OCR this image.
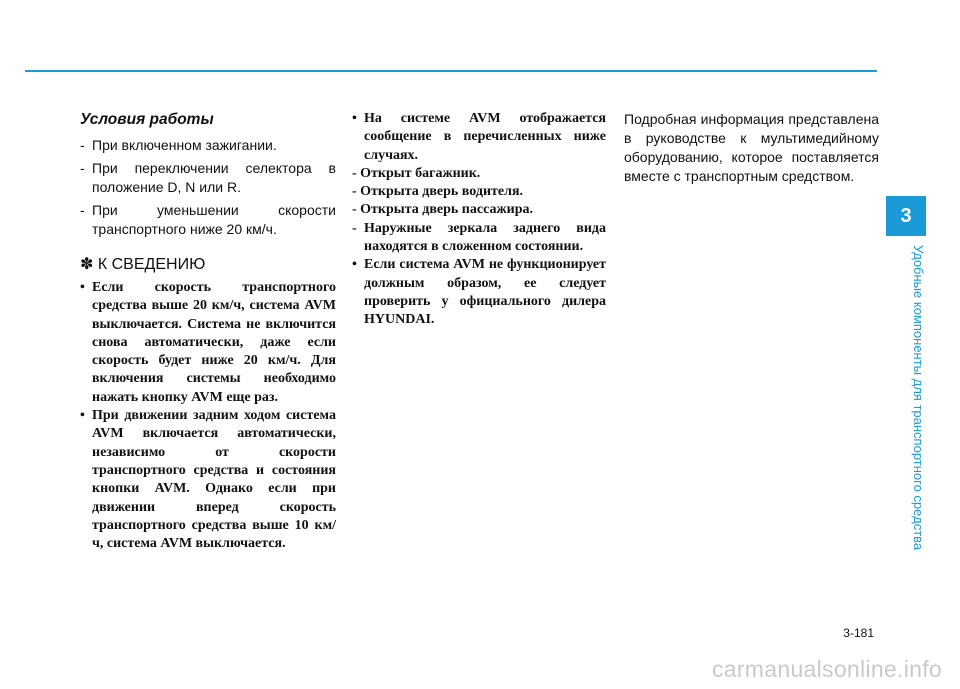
Условия работы
- При включенном зажигании.
- При переключении селектора в положение D, N или R.
- При уменьшении скорости транспортного ниже 20 км/ч.
✽ К СВЕДЕНИЮ
• Если скорость транспортного средства выше 20 км/ч, система AVM выключается. Система не включится снова автоматически, даже если скорость будет ниже 20 км/ч. Для включения системы необходимо нажать кнопку AVM еще раз.
• При движении задним ходом система AVM включается автоматически, независимо от скорости транспортного средства и состояния кнопки AVM. Однако если при движении вперед скорость транспортного средства выше 10 км/ч, система AVM выключается.
• На системе AVM отображается сообщение в перечисленных ниже случаях.
- Открыт багажник.
- Открыта дверь водителя.
- Открыта дверь пассажира.
- Наружные зеркала заднего вида находятся в сложенном состоянии.
• Если система AVM не функционирует должным образом, ее следует проверить у официального дилера HYUNDAI.

Подробная информация представлена в руководстве к мультимедийному оборудованию, которое поставляется вместе с транспортным средством.

3
Удобные компоненты для транспортного средства
3-181
carmanualsonline.info
